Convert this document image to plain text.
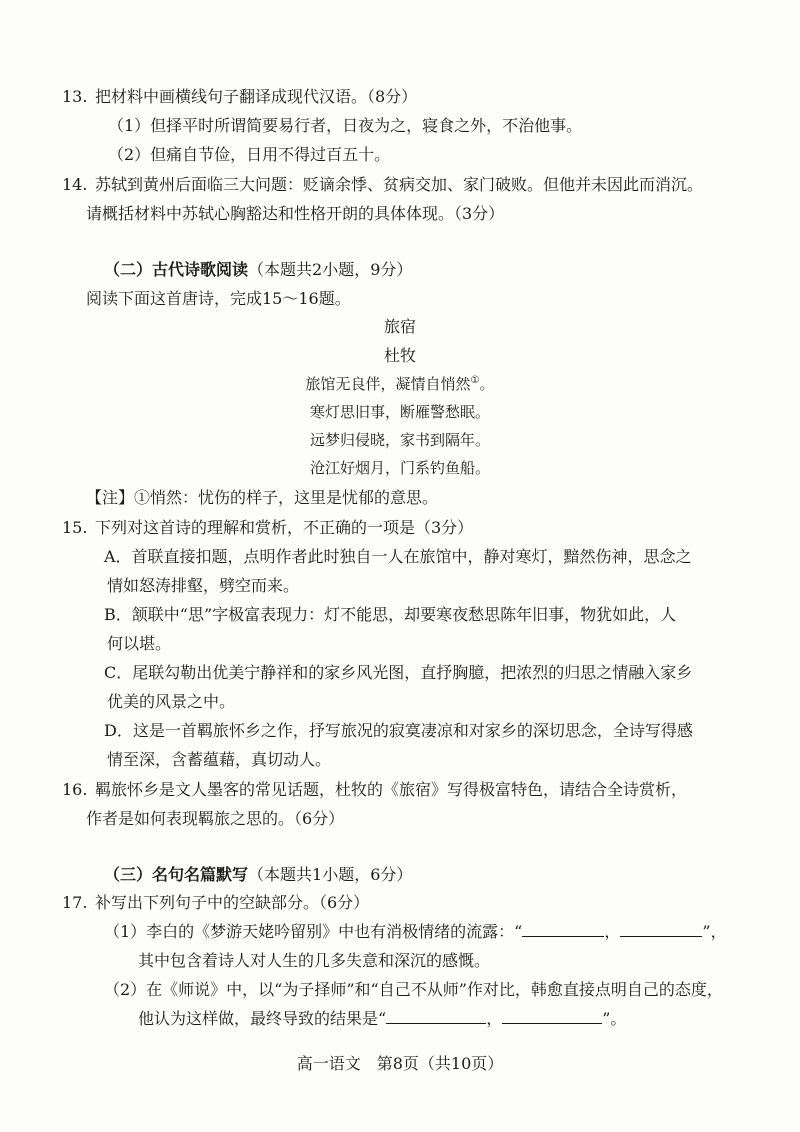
13. 把材料中画横线句子翻译成现代汉语。（8分）
（1）但择平时所谓简要易行者，日夜为之，寝食之外，不治他事。
（2）但痛自节俭，日用不得过百五十。
14. 苏轼到黄州后面临三大问题：贬谪余悸、贫病交加、家门破败。但他并未因此而消沉。
请概括材料中苏轼心胸豁达和性格开朗的具体体现。（3分）
（二）古代诗歌阅读（本题共2小题，9分）
阅读下面这首唐诗，完成15～16题。
旅宿
杜牧
旅馆无良伴，凝情自悄然①。
寒灯思旧事，断雁警愁眠。
远梦归侵晓，家书到隔年。
沧江好烟月，门系钓鱼船。
【注】①悄然：忧伤的样子，这里是忧郁的意思。
15. 下列对这首诗的理解和赏析，不正确的一项是（3分）
A．首联直接扣题，点明作者此时独自一人在旅馆中，静对寒灯，黯然伤神，思念之
情如怒涛排壑，劈空而来。
B．颔联中“思”字极富表现力：灯不能思，却要寒夜愁思陈年旧事，物犹如此，人
何以堪。
C．尾联勾勒出优美宁静祥和的家乡风光图，直抒胸臆，把浓烈的归思之情融入家乡
优美的风景之中。
D．这是一首羁旅怀乡之作，抒写旅况的寂寞凄凉和对家乡的深切思念，全诗写得感
情至深，含蓄蕴藉，真切动人。
16. 羁旅怀乡是文人墨客的常见话题，杜牧的《旅宿》写得极富特色，请结合全诗赏析，
作者是如何表现羁旅之思的。（6分）
（三）名句名篇默写（本题共1小题，6分）
17. 补写出下列句子中的空缺部分。（6分）
（1）李白的《梦游天姥吟留别》中也有消极情绪的流露：“	，	”，
其中包含着诗人对人生的几多失意和深沉的感慨。
（2）在《师说》中，以“为子择师”和“自己不从师”作对比，韩愈直接点明自己的态度，
他认为这样做，最终导致的结果是“	，	”。
高一语文　第8页（共10页）
